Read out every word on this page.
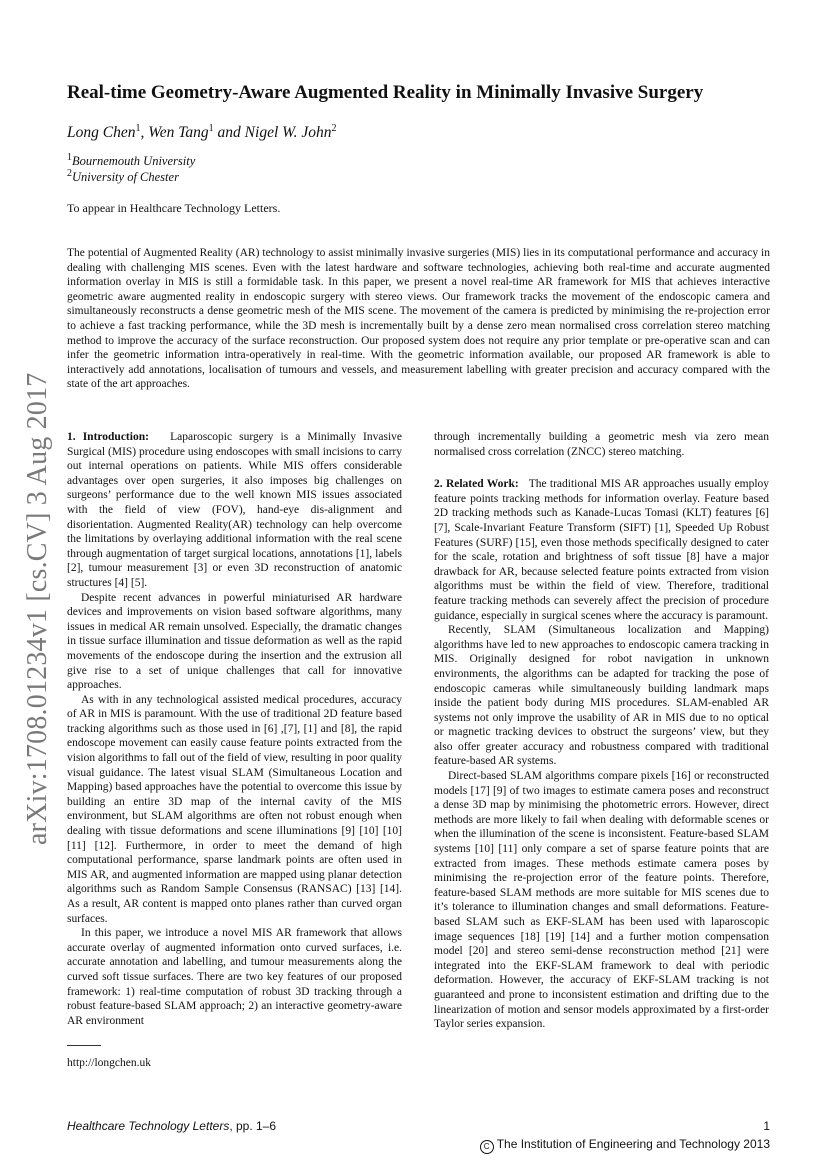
arXiv:1708.01234v1 [cs.CV] 3 Aug 2017
Real-time Geometry-Aware Augmented Reality in Minimally Invasive Surgery
Long Chen$^1$, Wen Tang$^1$ and Nigel W. John$^2$
$^1$Bournemouth University
$^2$University of Chester
To appear in Healthcare Technology Letters.

The potential of Augmented Reality (AR) technology to assist minimally invasive surgeries (MIS) lies in its computational performance and accuracy in dealing with challenging MIS scenes. Even with the latest hardware and software technologies, achieving both real-time and accurate augmented information overlay in MIS is still a formidable task. In this paper, we present a novel real-time AR framework for MIS that achieves interactive geometric aware augmented reality in endoscopic surgery with stereo views. Our framework tracks the movement of the endoscopic camera and simultaneously reconstructs a dense geometric mesh of the MIS scene. The movement of the camera is predicted by minimising the re-projection error to achieve a fast tracking performance, while the 3D mesh is incrementally built by a dense zero mean normalised cross correlation stereo matching method to improve the accuracy of the surface reconstruction. Our proposed system does not require any prior template or pre-operative scan and can infer the geometric information intra-operatively in real-time. With the geometric information available, our proposed AR framework is able to interactively add annotations, localisation of tumours and vessels, and measurement labelling with greater precision and accuracy compared with the state of the art approaches.

1. Introduction: Laparoscopic surgery is a Minimally Invasive Surgical (MIS) procedure using endoscopes with small incisions to carry out internal operations on patients. While MIS offers considerable advantages over open surgeries, it also imposes big challenges on surgeons’ performance due to the well known MIS issues associated with the field of view (FOV), hand-eye dis-alignment and disorientation. Augmented Reality(AR) technology can help overcome the limitations by overlaying additional information with the real scene through augmentation of target surgical locations, annotations [1], labels [2], tumour measurement [3] or even 3D reconstruction of anatomic structures [4] [5].

Despite recent advances in powerful miniaturised AR hardware devices and improvements on vision based software algorithms, many issues in medical AR remain unsolved. Especially, the dramatic changes in tissue surface illumination and tissue deformation as well as the rapid movements of the endoscope during the insertion and the extrusion all give rise to a set of unique challenges that call for innovative approaches.

As with in any technological assisted medical procedures, accuracy of AR in MIS is paramount. With the use of traditional 2D feature based tracking algorithms such as those used in [6] ,[7], [1] and [8], the rapid endoscope movement can easily cause feature points extracted from the vision algorithms to fall out of the field of view, resulting in poor quality visual guidance. The latest visual SLAM (Simultaneous Location and Mapping) based approaches have the potential to overcome this issue by building an entire 3D map of the internal cavity of the MIS environment, but SLAM algorithms are often not robust enough when dealing with tissue deformations and scene illuminations [9] [10] [10] [11] [12]. Furthermore, in order to meet the demand of high computational performance, sparse landmark points are often used in MIS AR, and augmented information are mapped using planar detection algorithms such as Random Sample Consensus (RANSAC) [13] [14]. As a result, AR content is mapped onto planes rather than curved organ surfaces.

In this paper, we introduce a novel MIS AR framework that allows accurate overlay of augmented information onto curved surfaces, i.e. accurate annotation and labelling, and tumour measurements along the curved soft tissue surfaces. There are two key features of our proposed framework: 1) real-time computation of robust 3D tracking through a robust feature-based SLAM approach; 2) an interactive geometry-aware AR environment

through incrementally building a geometric mesh via zero mean normalised cross correlation (ZNCC) stereo matching.

2. Related Work: The traditional MIS AR approaches usually employ feature points tracking methods for information overlay. Feature based 2D tracking methods such as Kanade-Lucas Tomasi (KLT) features [6] [7], Scale-Invariant Feature Transform (SIFT) [1], Speeded Up Robust Features (SURF) [15], even those methods specifically designed to cater for the scale, rotation and brightness of soft tissue [8] have a major drawback for AR, because selected feature points extracted from vision algorithms must be within the field of view. Therefore, traditional feature tracking methods can severely affect the precision of procedure guidance, especially in surgical scenes where the accuracy is paramount.

Recently, SLAM (Simultaneous localization and Mapping) algorithms have led to new approaches to endoscopic camera tracking in MIS. Originally designed for robot navigation in unknown environments, the algorithms can be adapted for tracking the pose of endoscopic cameras while simultaneously building landmark maps inside the patient body during MIS procedures. SLAM-enabled AR systems not only improve the usability of AR in MIS due to no optical or magnetic tracking devices to obstruct the surgeons’ view, but they also offer greater accuracy and robustness compared with traditional feature-based AR systems.

Direct-based SLAM algorithms compare pixels [16] or reconstructed models [17] [9] of two images to estimate camera poses and reconstruct a dense 3D map by minimising the photometric errors. However, direct methods are more likely to fail when dealing with deformable scenes or when the illumination of the scene is inconsistent. Feature-based SLAM systems [10] [11] only compare a set of sparse feature points that are extracted from images. These methods estimate camera poses by minimising the re-projection error of the feature points. Therefore, feature-based SLAM methods are more suitable for MIS scenes due to it’s tolerance to illumination changes and small deformations. Feature-based SLAM such as EKF-SLAM has been used with laparoscopic image sequences [18] [19] [14] and a further motion compensation model [20] and stereo semi-dense reconstruction method [21] were integrated into the EKF-SLAM framework to deal with periodic deformation. However, the accuracy of EKF-SLAM tracking is not guaranteed and prone to inconsistent estimation and drifting due to the linearization of motion and sensor models approximated by a first-order Taylor series expansion.

http://longchen.uk
Healthcare Technology Letters, pp. 1–6	1
C The Institution of Engineering and Technology 2013
